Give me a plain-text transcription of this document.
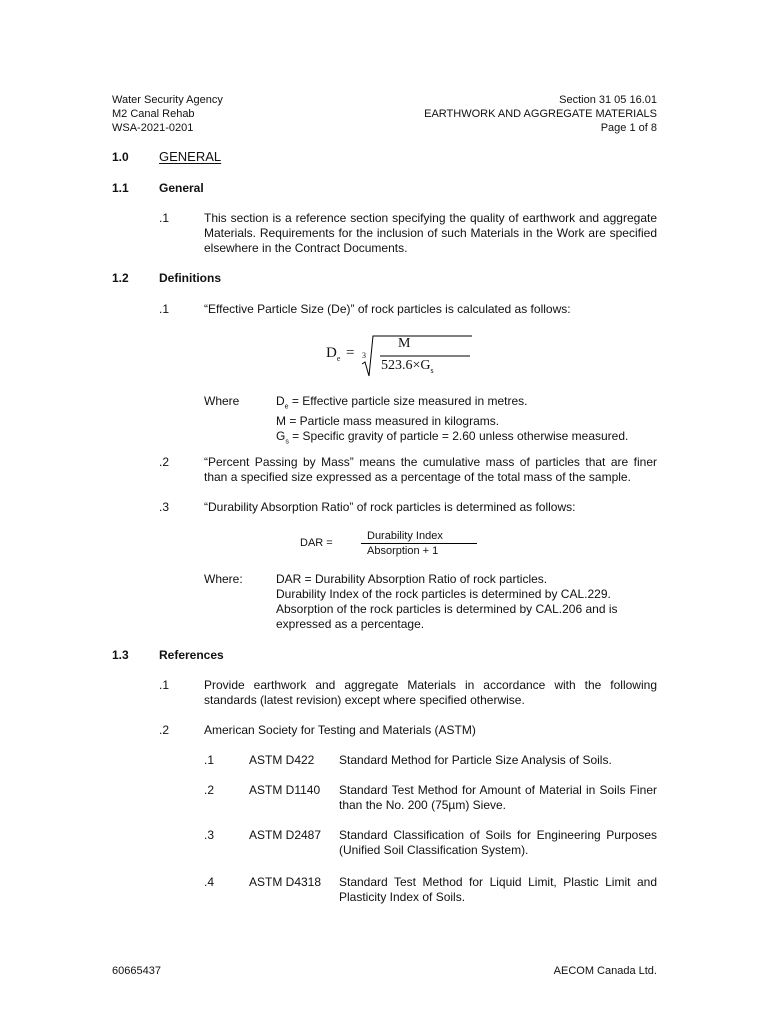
Water Security Agency
M2 Canal Rehab
WSA-2021-0201
Section 31 05 16.01
EARTHWORK AND AGGREGATE MATERIALS
Page 1 of 8
1.0 GENERAL
1.1	General
.1	This section is a reference section specifying the quality of earthwork and aggregate Materials. Requirements for the inclusion of such Materials in the Work are specified elsewhere in the Contract Documents.
1.2	Definitions
.1	“Effective Particle Size (De)” of rock particles is calculated as follows:
$D_e = 3$
M
$523.6\times G_s$
Where	$D_e$ = Effective particle size measured in metres.
M = Particle mass measured in kilograms.
$G_s$ = Specific gravity of particle = 2.60 unless otherwise measured.
.2	“Percent Passing by Mass” means the cumulative mass of particles that are finer than a specified size expressed as a percentage of the total mass of the sample.
.3	“Durability Absorption Ratio” of rock particles is determined as follows:
DAR =
Durability Index
Absorption + 1
Where:	DAR = Durability Absorption Ratio of rock particles.
Durability Index of the rock particles is determined by CAL.229.
Absorption of the rock particles is determined by CAL.206 and is
expressed as a percentage.
1.3	References
.1	Provide earthwork and aggregate Materials in accordance with the following standards (latest revision) except where specified otherwise.
.2	American Society for Testing and Materials (ASTM)
.1	ASTM D422 Standard Method for Particle Size Analysis of Soils.
.2	ASTM D1140 Standard Test Method for Amount of Material in Soils Finer than the No. 200 (75µm) Sieve.
.3	ASTM D2487 Standard Classification of Soils for Engineering Purposes (Unified Soil Classification System).
.4	ASTM D4318 Standard Test Method for Liquid Limit, Plastic Limit and Plasticity Index of Soils.
60665437	AECOM Canada Ltd.
